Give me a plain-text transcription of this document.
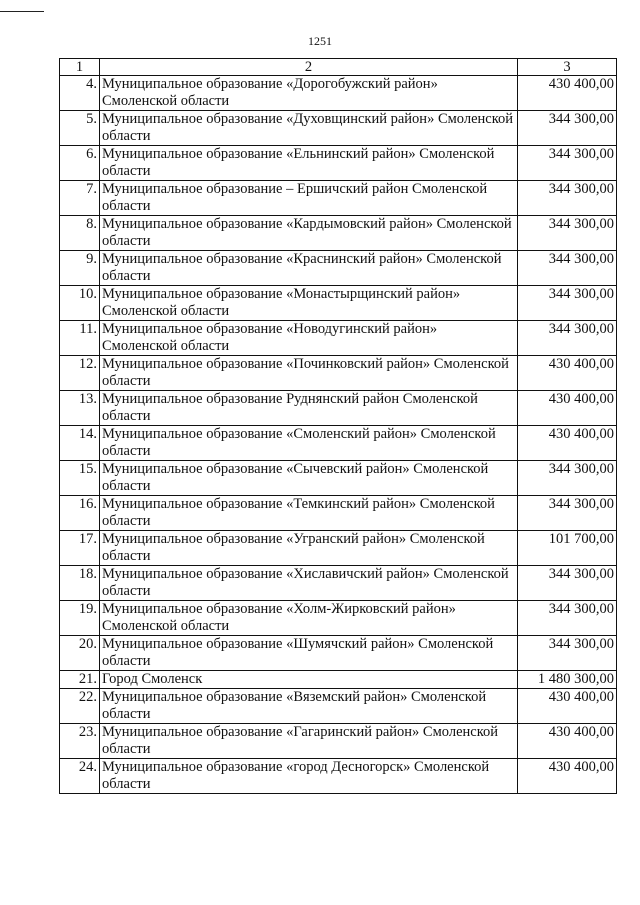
1251
1	2	3
4.	Муниципальное образование «Дорогобужский район» Смоленской области	430 400,00
5.	Муниципальное образование «Духовщинский район» Смоленской области	344 300,00
6.	Муниципальное образование «Ельнинский район» Смоленской области	344 300,00
7.	Муниципальное образование – Ершичский район Смоленской области	344 300,00
8.	Муниципальное образование «Кардымовский район» Смоленской области	344 300,00
9.	Муниципальное образование «Краснинский район» Смоленской области	344 300,00
10.	Муниципальное образование «Монастырщинский район» Смоленской области	344 300,00
11.	Муниципальное образование «Новодугинский район» Смоленской области	344 300,00
12.	Муниципальное образование «Починковский район» Смоленской области	430 400,00
13.	Муниципальное образование Руднянский район Смоленской области	430 400,00
14.	Муниципальное образование «Смоленский район» Смоленской области	430 400,00
15.	Муниципальное образование «Сычевский район» Смоленской области	344 300,00
16.	Муниципальное образование «Темкинский район» Смоленской области	344 300,00
17.	Муниципальное образование «Угранский район» Смоленской области	101 700,00
18.	Муниципальное образование «Хиславичский район» Смоленской области	344 300,00
19.	Муниципальное образование «Холм-Жирковский район» Смоленской области	344 300,00
20.	Муниципальное образование «Шумячский район» Смоленской области	344 300,00
21.	Город Смоленск	1 480 300,00
22.	Муниципальное образование «Вяземский район» Смоленской области	430 400,00
23.	Муниципальное образование «Гагаринский район» Смоленской области	430 400,00
24.	Муниципальное образование «город Десногорск» Смоленской области	430 400,00
